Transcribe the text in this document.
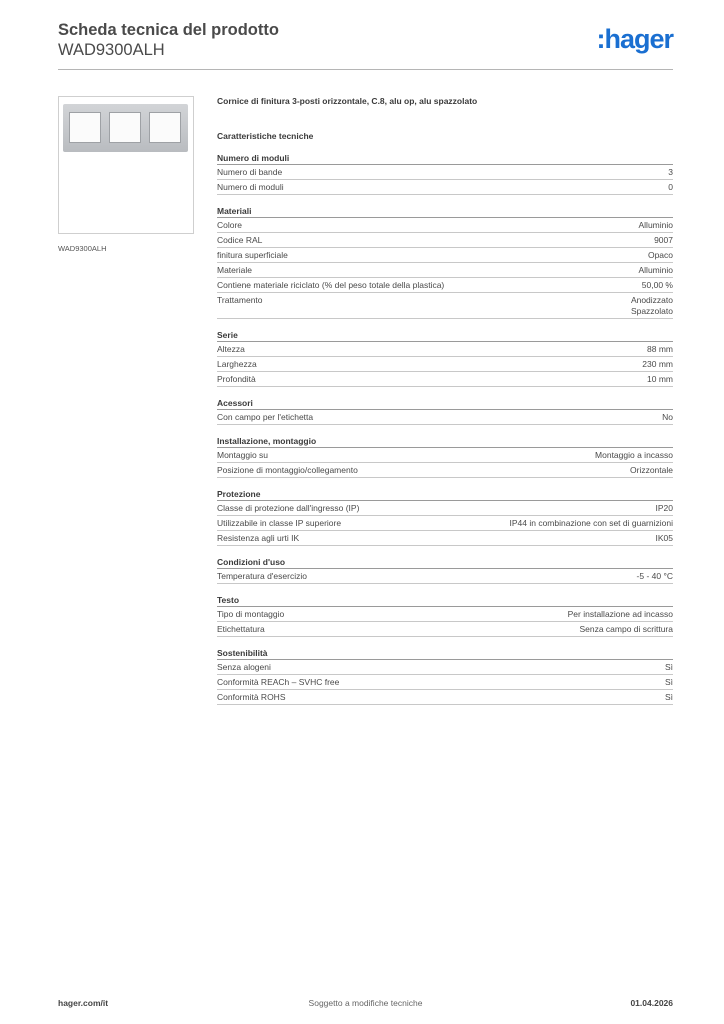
Scheda tecnica del prodotto
WAD9300ALH	:hager
WAD9300ALH
Cornice di finitura 3-posti orizzontale, C.8, alu op, alu spazzolato
Caratteristiche tecniche
Numero di moduli
Numero di bande	3
Numero di moduli	0
Materiali
Colore	Alluminio
Codice RAL	9007
finitura superficiale	Opaco
Materiale	Alluminio
Contiene materiale riciclato (% del peso totale della plastica)	50,00 %
Trattamento	Anodizzato
Spazzolato
Serie
Altezza	88 mm
Larghezza	230 mm
Profondità	10 mm
Acessori
Con campo per l'etichetta	No
Installazione, montaggio
Montaggio su	Montaggio a incasso
Posizione di montaggio/collegamento	Orizzontale
Protezione
Classe di protezione dall'ingresso (IP)	IP20
Utilizzabile in classe IP superiore	IP44 in combinazione con set di guarnizioni
Resistenza agli urti IK	IK05
Condizioni d'uso
Temperatura d'esercizio	-5 - 40 °C
Testo
Tipo di montaggio	Per installazione ad incasso
Etichettatura	Senza campo di scrittura
Sostenibilità
Senza alogeni	Sì
Conformità REACh – SVHC free	Sì
Conformità ROHS	Sì
hager.com/it	Soggetto a modifiche tecniche	01.04.2026
